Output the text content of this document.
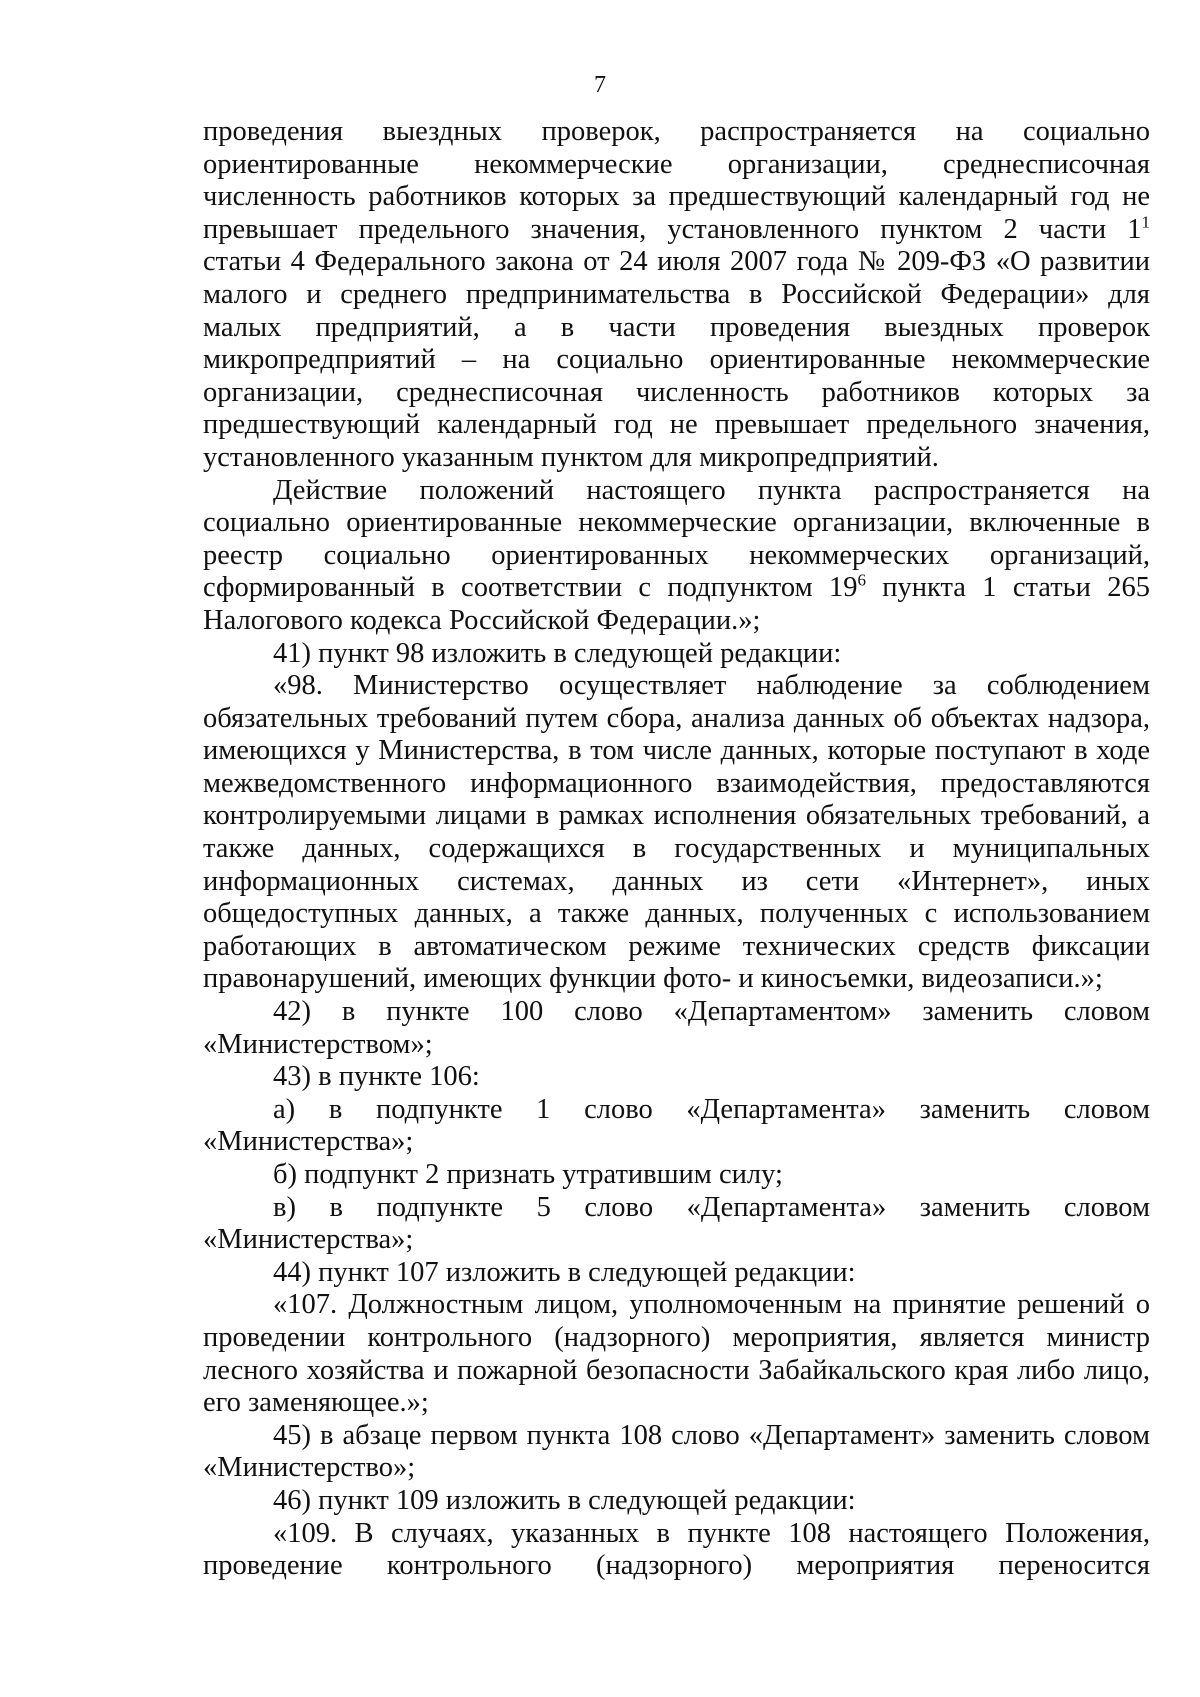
7
проведения выездных проверок, распространяется на социально
ориентированные некоммерческие организации, среднесписочная
численность работников которых за предшествующий календарный год не
превышает предельного значения, установленного пунктом 2 части $1^1$
статьи 4 Федерального закона от 24 июля 2007 года № 209-ФЗ «О развитии
малого и среднего предпринимательства в Российской Федерации» для
малых предприятий, а в части проведения выездных проверок
микропредприятий – на социально ориентированные некоммерческие
организации, среднесписочная численность работников которых за
предшествующий календарный год не превышает предельного значения,
установленного указанным пунктом для микропредприятий.
Действие положений настоящего пункта распространяется на
социально ориентированные некоммерческие организации, включенные в
реестр социально ориентированных некоммерческих организаций,
сформированный в соответствии с подпунктом $19^6$ пункта 1 статьи 265
Налогового кодекса Российской Федерации.»;
41) пункт 98 изложить в следующей редакции:
«98. Министерство осуществляет наблюдение за соблюдением
обязательных требований путем сбора, анализа данных об объектах надзора,
имеющихся у Министерства, в том числе данных, которые поступают в ходе
межведомственного информационного взаимодействия, предоставляются
контролируемыми лицами в рамках исполнения обязательных требований, а
также данных, содержащихся в государственных и муниципальных
информационных системах, данных из сети «Интернет», иных
общедоступных данных, а также данных, полученных с использованием
работающих в автоматическом режиме технических средств фиксации
правонарушений, имеющих функции фото- и киносъемки, видеозаписи.»;
42) в пункте 100 слово «Департаментом» заменить словом
«Министерством»;
43) в пункте 106:
а) в подпункте 1 слово «Департамента» заменить словом
«Министерства»;
б) подпункт 2 признать утратившим силу;
в) в подпункте 5 слово «Департамента» заменить словом
«Министерства»;
44) пункт 107 изложить в следующей редакции:
«107. Должностным лицом, уполномоченным на принятие решений о
проведении контрольного (надзорного) мероприятия, является министр
лесного хозяйства и пожарной безопасности Забайкальского края либо лицо,
его заменяющее.»;
45) в абзаце первом пункта 108 слово «Департамент» заменить словом
«Министерство»;
46) пункт 109 изложить в следующей редакции:
«109. В случаях, указанных в пункте 108 настоящего Положения,
проведение контрольного (надзорного) мероприятия переносится
